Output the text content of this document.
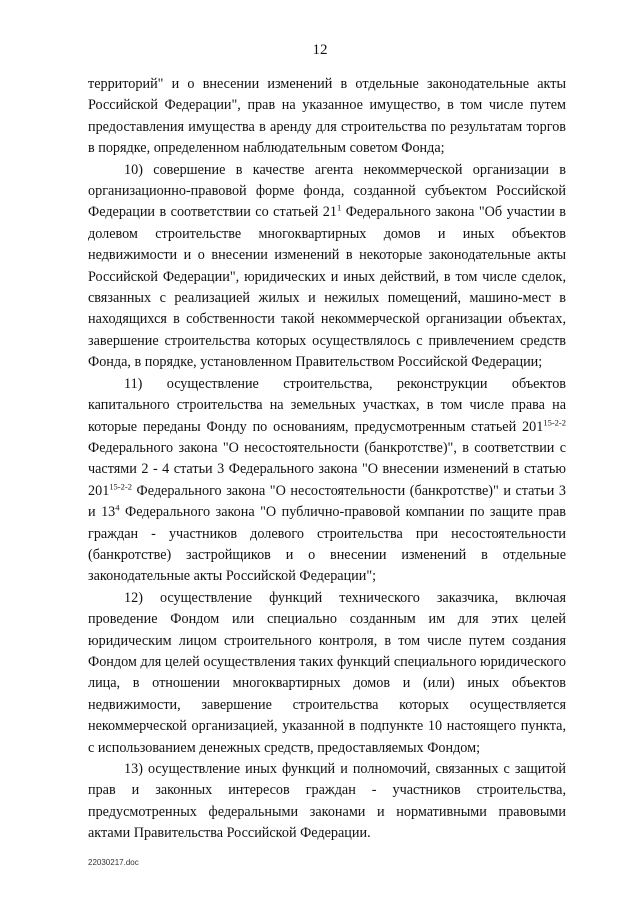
12

территорий" и о внесении изменений в отдельные законодательные акты Российской Федерации", прав на указанное имущество, в том числе путем предоставления имущества в аренду для строительства по результатам торгов в порядке, определенном наблюдательным советом Фонда;

10) совершение в качестве агента некоммерческой организации в организационно-правовой форме фонда, созданной субъектом Российской Федерации в соответствии со статьей $21^1$ Федерального закона "Об участии в долевом строительстве многоквартирных домов и иных объектов недвижимости и о внесении изменений в некоторые законодательные акты Российской Федерации", юридических и иных действий, в том числе сделок, связанных с реализацией жилых и нежилых помещений, машино-мест в находящихся в собственности такой некоммерческой организации объектах, завершение строительства которых осуществлялось с привлечением средств Фонда, в порядке, установленном Правительством Российской Федерации;

11) осуществление строительства, реконструкции объектов капитального строительства на земельных участках, в том числе права на которые переданы Фонду по основаниям, предусмотренным статьей 201$^{15-2-2}$ Федерального закона "О несостоятельности (банкротстве)", в соответствии с частями 2 - 4 статьи 3 Федерального закона "О внесении изменений в статью 201$^{15-2-2}$ Федерального закона "О несостоятельности (банкротстве)" и статьи 3 и $13^4$ Федерального закона "О публично-правовой компании по защите прав граждан - участников долевого строительства при несостоятельности (банкротстве) застройщиков и о внесении изменений в отдельные законодательные акты Российской Федерации";

12) осуществление функций технического заказчика, включая проведение Фондом или специально созданным им для этих целей юридическим лицом строительного контроля, в том числе путем создания Фондом для целей осуществления таких функций специального юридического лица, в отношении многоквартирных домов и (или) иных объектов недвижимости, завершение строительства которых осуществляется некоммерческой организацией, указанной в подпункте 10 настоящего пункта, с использованием денежных средств, предоставляемых Фондом;

13) осуществление иных функций и полномочий, связанных с защитой прав и законных интересов граждан - участников строительства, предусмотренных федеральными законами и нормативными правовыми актами Правительства Российской Федерации.

22030217.doc
